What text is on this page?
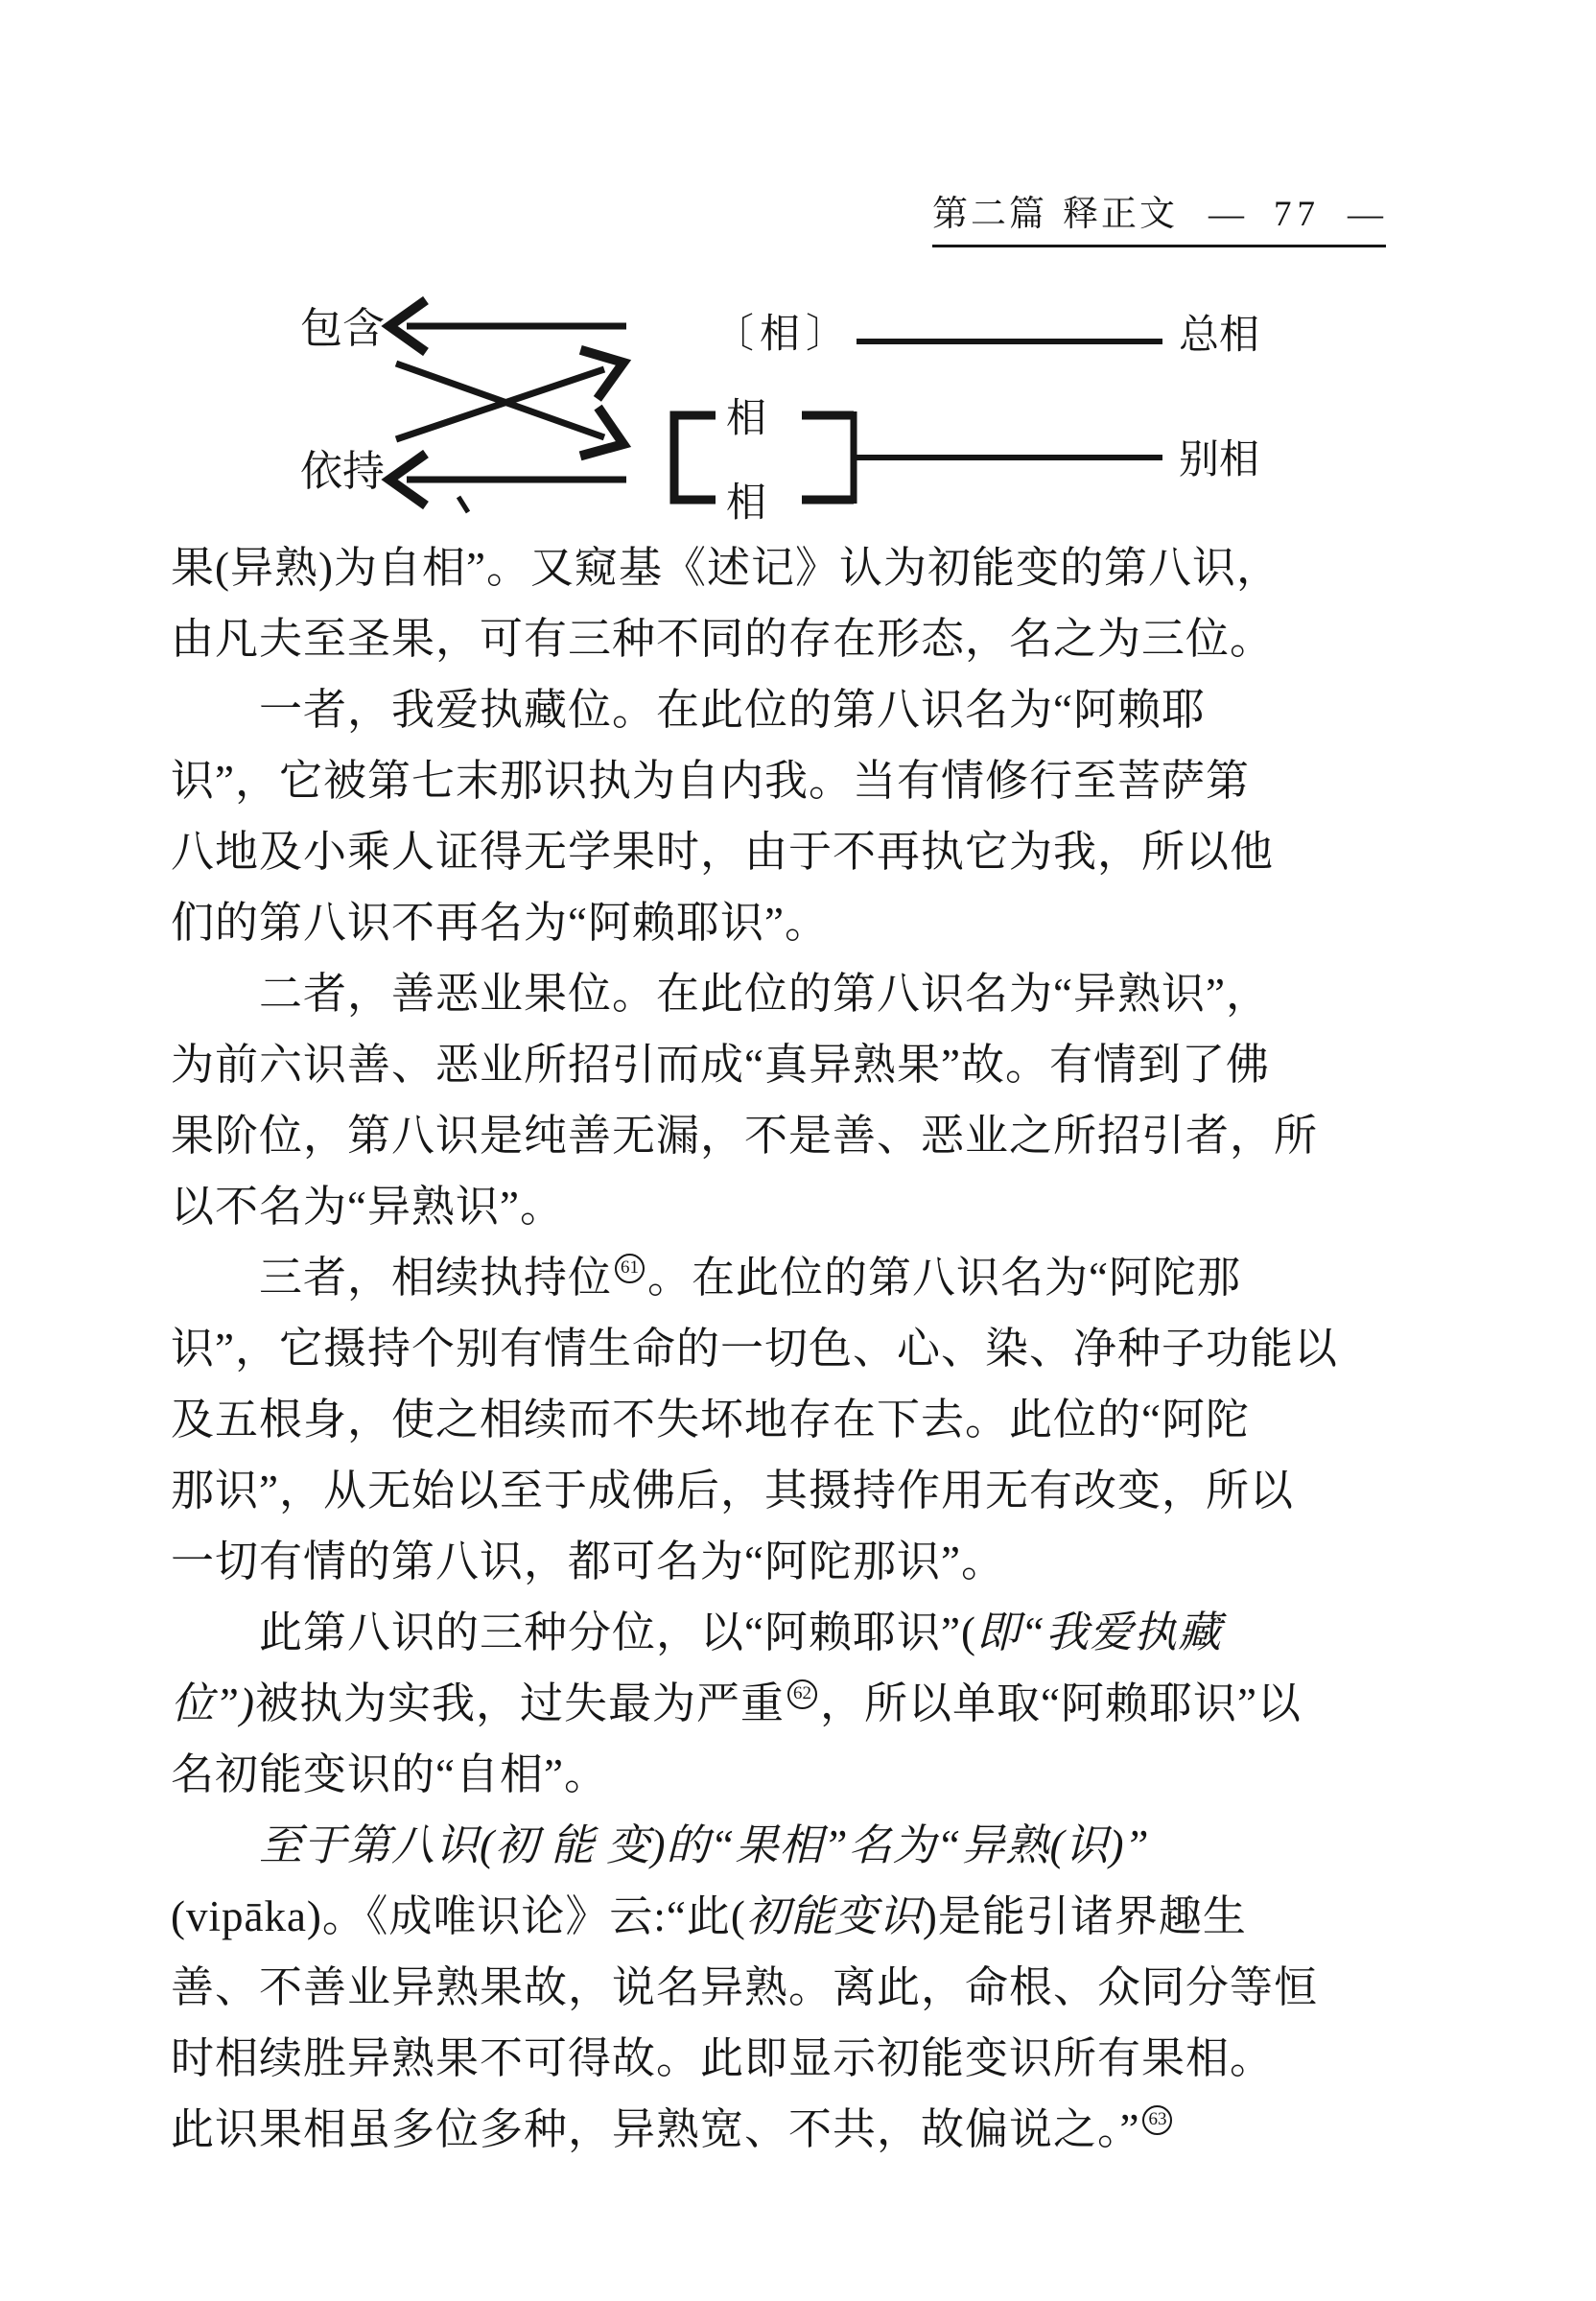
第二篇 释正文 — 77 —
包含
依持
〔相〕	总相
相
相
别相
果(异熟)为自相”。又窥基《述记》认为初能变的第八识，
由凡夫至圣果，可有三种不同的存在形态，名之为三位。
一者，我爱执藏位。在此位的第八识名为“阿赖耶
识”，它被第七末那识执为自内我。当有情修行至菩萨第
八地及小乘人证得无学果时，由于不再执它为我，所以他
们的第八识不再名为“阿赖耶识”。
二者，善恶业果位。在此位的第八识名为“异熟识”，
为前六识善、恶业所招引而成“真异熟果”故。有情到了佛
果阶位，第八识是纯善无漏，不是善、恶业之所招引者，所
以不名为“异熟识”。
三者，相续执持位 61 。在此位的第八识名为“阿陀那
识”，它摄持个别有情生命的一切色、心、染、净种子功能以
及五根身，使之相续而不失坏地存在下去。此位的“阿陀
那识”，从无始以至于成佛后，其摄持作用无有改变，所以
一切有情的第八识，都可名为“阿陀那识”。
此第八识的三种分位，以“阿赖耶识”(即“我爱执藏
位”)被执为实我，过失最为严重 62 ，所以单取“阿赖耶识”以
名初能变识的“自相”。
至于第八识(初 能 变)的“果相”名为“异熟(识)”
(vipāka)。《成唯识论》云:“此(初能变识)是能引诸界趣生
善、不善业异熟果故，说名异熟。离此，命根、众同分等恒
时相续胜异熟果不可得故。此即显示初能变识所有果相。
此识果相虽多位多种，异熟宽、不共，故偏说之。” 63
